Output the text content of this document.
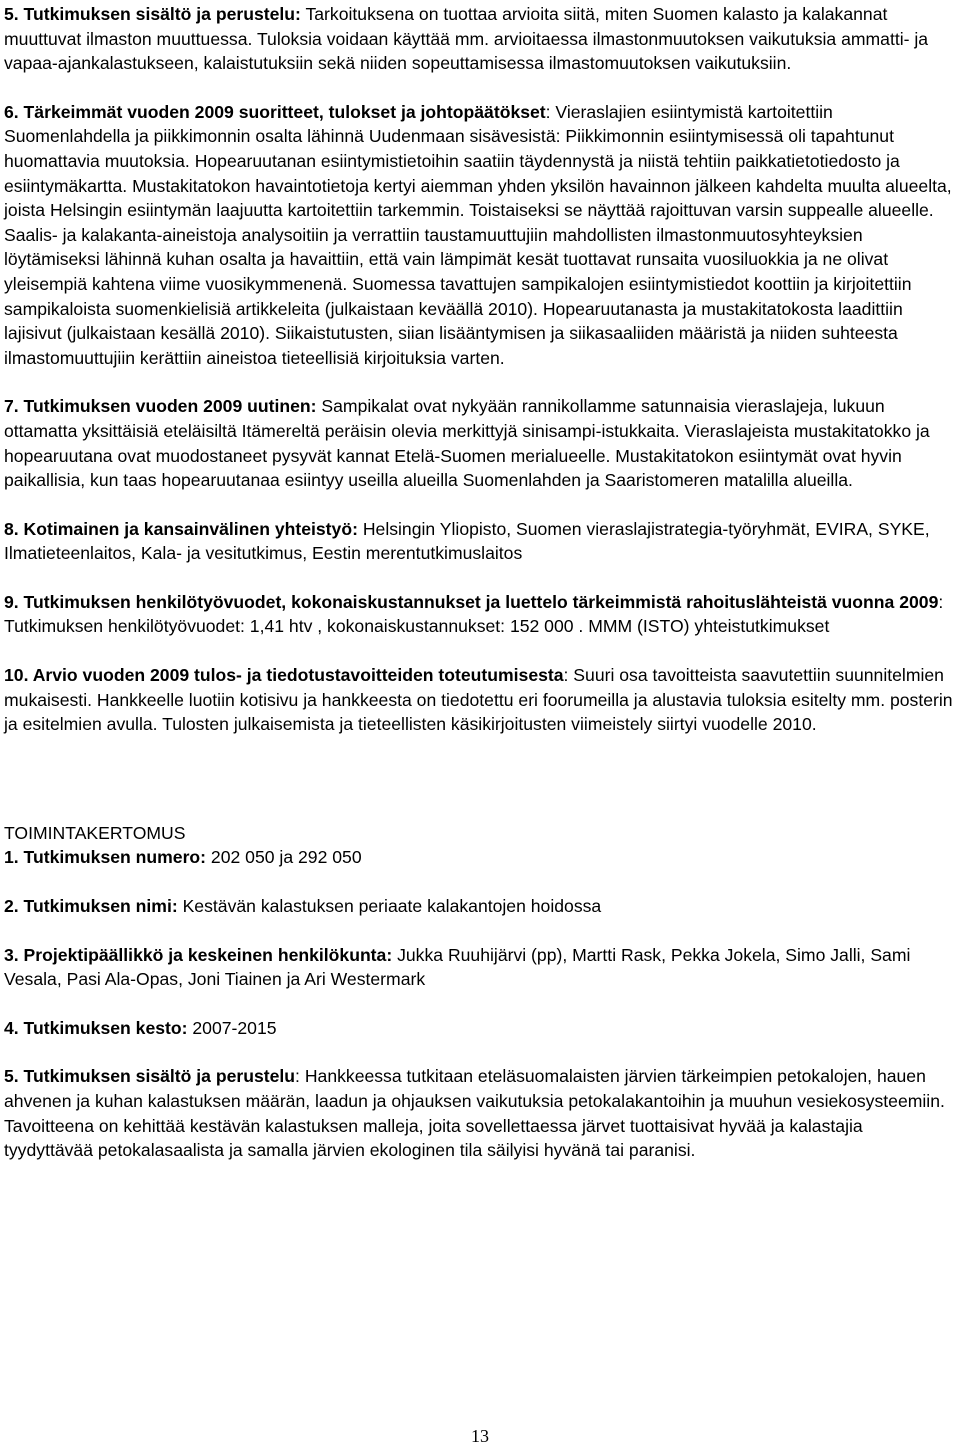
5. Tutkimuksen sisältö ja perustelu: Tarkoituksena on tuottaa arvioita siitä, miten Suomen kalasto ja kalakannat muuttuvat ilmaston muuttuessa. Tuloksia voidaan käyttää mm. arvioitaessa ilmastonmuutoksen vaikutuksia ammatti- ja vapaa-ajankalastukseen, kalaistutuksiin sekä niiden sopeuttamisessa ilmastomuutoksen vaikutuksiin.

6. Tärkeimmät vuoden 2009 suoritteet, tulokset ja johtopäätökset: Vieraslajien esiintymistä kartoitettiin Suomenlahdella ja piikkimonnin osalta lähinnä Uudenmaan sisävesistä: Piikkimonnin esiintymisessä oli tapahtunut huomattavia muutoksia. Hopearuutanan esiintymistietoihin saatiin täydennystä ja niistä tehtiin paikkatietotiedosto ja esiintymäkartta. Mustakitatokon havaintotietoja kertyi aiemman yhden yksilön havainnon jälkeen kahdelta muulta alueelta, joista Helsingin esiintymän laajuutta kartoitettiin tarkemmin. Toistaiseksi se näyttää rajoittuvan varsin suppealle alueelle. Saalis- ja kalakanta-aineistoja analysoitiin ja verrattiin taustamuuttujiin mahdollisten ilmastonmuutosyhteyksien löytämiseksi lähinnä kuhan osalta ja havaittiin, että vain lämpimät kesät tuottavat runsaita vuosiluokkia ja ne olivat yleisempiä kahtena viime vuosikymmenenä. Suomessa tavattujen sampikalojen esiintymistiedot koottiin ja kirjoitettiin sampikaloista suomenkielisiä artikkeleita (julkaistaan keväällä 2010). Hopearuutanasta ja mustakitatokosta laadittiin lajisivut (julkaistaan kesällä 2010). Siikaistutusten, siian lisääntymisen ja siikasaaliiden määristä ja niiden suhteesta ilmastomuuttujiin kerättiin aineistoa tieteellisiä kirjoituksia varten.

7. Tutkimuksen vuoden 2009 uutinen: Sampikalat ovat nykyään rannikollamme satunnaisia vieraslajeja, lukuun ottamatta yksittäisiä eteläisiltä Itämereltä peräisin olevia merkittyjä sinisampi-istukkaita. Vieraslajeista mustakitatokko ja hopearuutana ovat muodostaneet pysyvät kannat Etelä-Suomen merialueelle. Mustakitatokon esiintymät ovat hyvin paikallisia, kun taas hopearuutanaa esiintyy useilla alueilla Suomenlahden ja Saaristomeren matalilla alueilla.

8. Kotimainen ja kansainvälinen yhteistyö: Helsingin Yliopisto, Suomen vieraslajistrategia-työryhmät, EVIRA, SYKE, Ilmatieteenlaitos, Kala- ja vesitutkimus, Eestin merentutkimuslaitos

9. Tutkimuksen henkilötyövuodet, kokonaiskustannukset ja luettelo tärkeimmistä rahoituslähteistä vuonna 2009: Tutkimuksen henkilötyövuodet: 1,41 htv , kokonaiskustannukset: 152 000 . MMM (ISTO) yhteistutkimukset

10. Arvio vuoden 2009 tulos- ja tiedotustavoitteiden toteutumisesta: Suuri osa tavoitteista saavutettiin suunnitelmien mukaisesti. Hankkeelle luotiin kotisivu ja hankkeesta on tiedotettu eri foorumeilla ja alustavia tuloksia esitelty mm. posterin ja esitelmien avulla. Tulosten julkaisemista ja tieteellisten käsikirjoitusten viimeistely siirtyi vuodelle 2010.

TOIMINTAKERTOMUS

1. Tutkimuksen numero: 202 050 ja 292 050

2. Tutkimuksen nimi: Kestävän kalastuksen periaate kalakantojen hoidossa

3. Projektipäällikkö ja keskeinen henkilökunta: Jukka Ruuhijärvi (pp), Martti Rask, Pekka Jokela, Simo Jalli, Sami Vesala, Pasi Ala-Opas, Joni Tiainen ja Ari Westermark

4. Tutkimuksen kesto: 2007-2015

5. Tutkimuksen sisältö ja perustelu: Hankkeessa tutkitaan eteläsuomalaisten järvien tärkeimpien petokalojen, hauen ahvenen ja kuhan kalastuksen määrän, laadun ja ohjauksen vaikutuksia petokalakantoihin ja muuhun vesiekosysteemiin. Tavoitteena on kehittää kestävän kalastuksen malleja, joita sovellettaessa järvet tuottaisivat hyvää ja kalastajia tyydyttävää petokalasaalista ja samalla järvien ekologinen tila säilyisi hyvänä tai paranisi.

13
